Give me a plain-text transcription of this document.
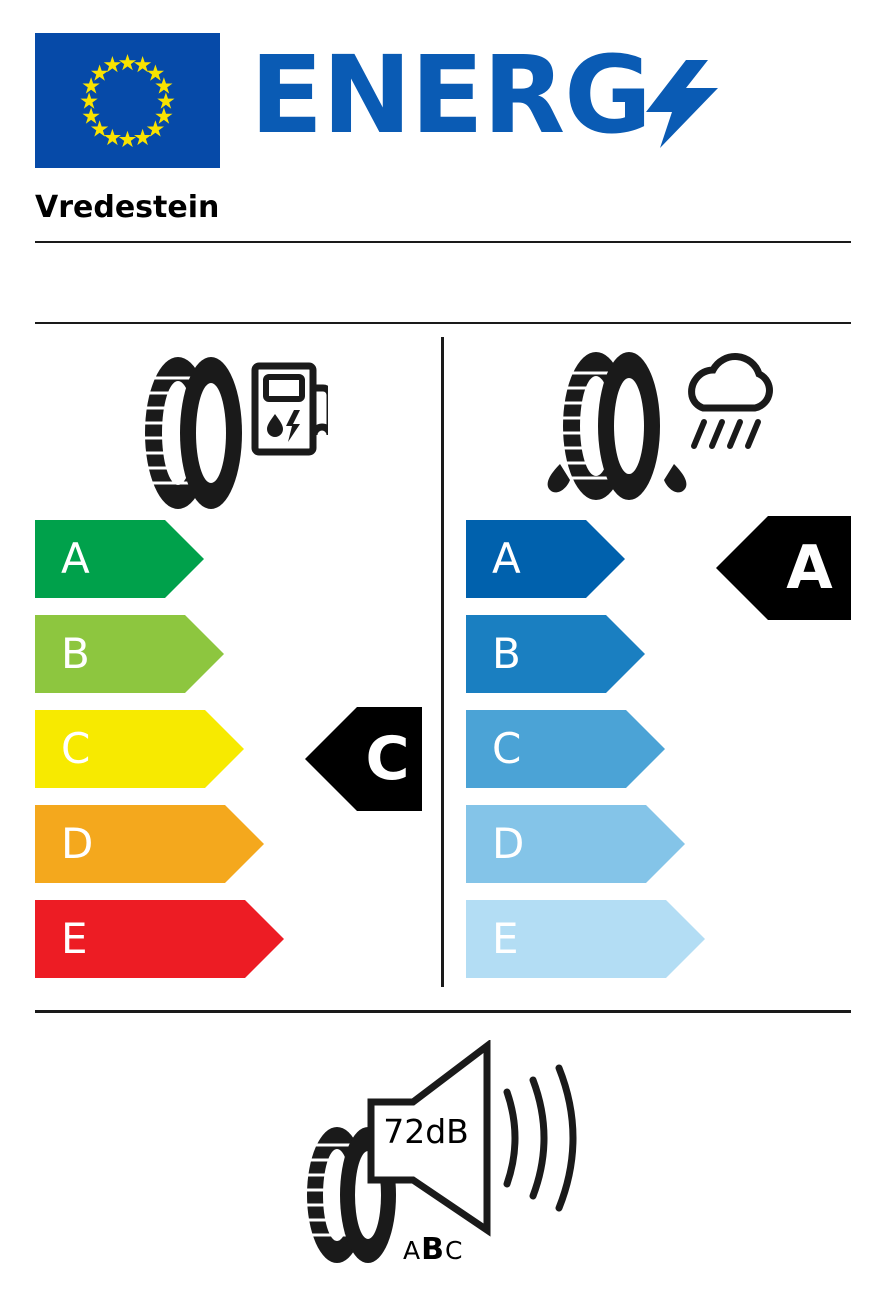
ENERG
Vredestein
A
B
C
D
E
A
B
C
D
E
C
A
72dB
ABC
